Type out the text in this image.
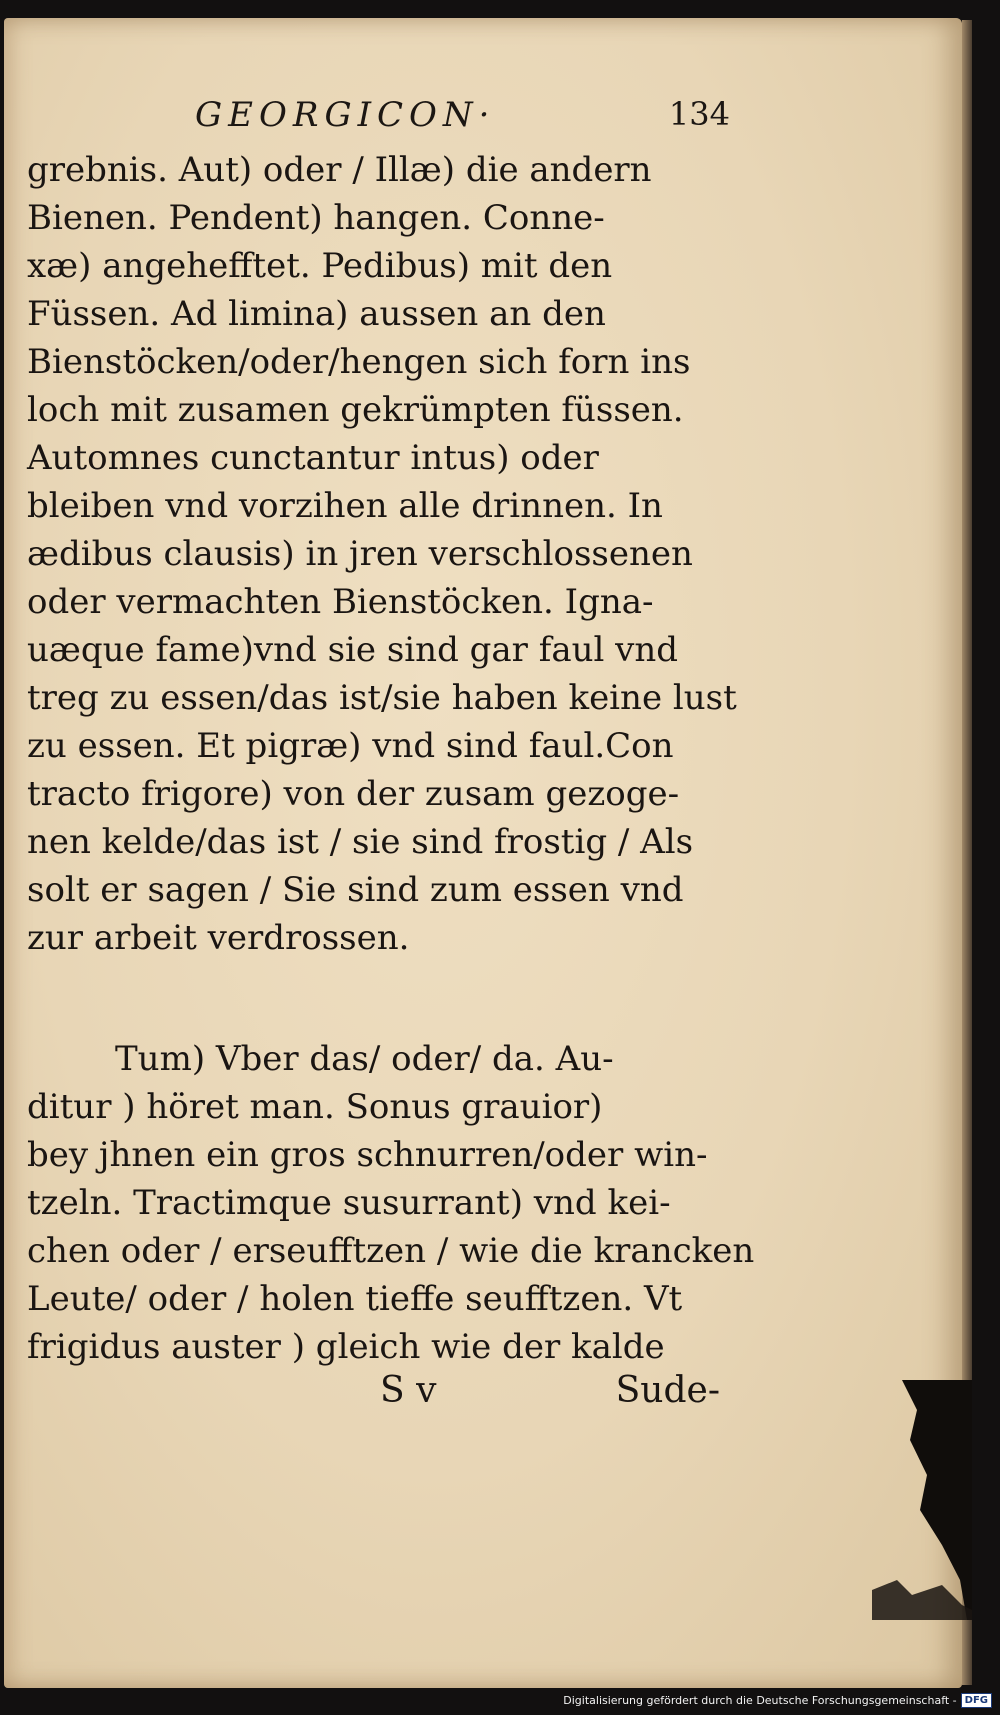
GEORGICON·	134
grebnis. Aut) oder / Illæ) die andern
Bienen. Pendent) hangen. Conne-
xæ) angehefftet. Pedibus) mit den
Füssen. Ad limina) aussen an den
Bienstöcken/oder/hengen sich forn ins
loch mit zusamen gekrümpten füssen.
Automnes cunctantur intus) oder
bleiben vnd vorzihen alle drinnen. In
ædibus clausis) in jren verschlossenen
oder vermachten Bienstöcken. Igna-
uæque fame)vnd sie sind gar faul vnd
treg zu essen/das ist/sie haben keine lust
zu essen. Et pigræ) vnd sind faul.Con
tracto frigore) von der zusam gezoge-
nen kelde/das ist / sie sind frostig / Als
solt er sagen / Sie sind zum essen vnd
zur arbeit verdrossen.
Tum) Vber das/ oder/ da. Au-
ditur ) höret man. Sonus grauior)
bey jhnen ein gros schnurren/oder win-
tzeln. Tractimque susurrant) vnd kei-
chen oder / erseufftzen / wie die krancken
Leute/ oder / holen tieffe seufftzen. Vt
frigidus auster ) gleich wie der kalde
S v	Sude-
Digitalisierung gefördert durch die Deutsche Forschungsgemeinschaft - DFG
